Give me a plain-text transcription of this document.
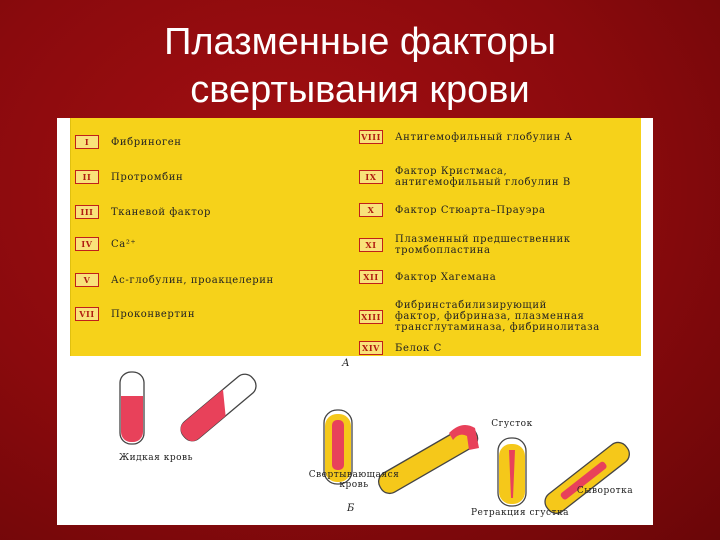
Плазменные факторы
свертывания крови
I	Фибриноген
II	Протромбин
III	Тканевой фактор
IV	Ca²⁺
V	Ас-глобулин, проакцелерин
VII	Проконвертин
VIII Антигемофильный глобулин А
IX	Фактор Кристмаса,
антигемофильный глобулин В
X	Фактор Стюарта–Прауэра
XI	Плазменный предшественник
тромбопластина
XII	Фактор Хагемана
XIII
Фибринстабилизирующий
фактор, фибриназа, плазменная
трансглутаминаза, фибринолитаза
XIV	Белок С
А
Жидкая кровь
Сгусток
Свертывающаяся
кровь
Сыворотка
Ретракция сгустка
Б
